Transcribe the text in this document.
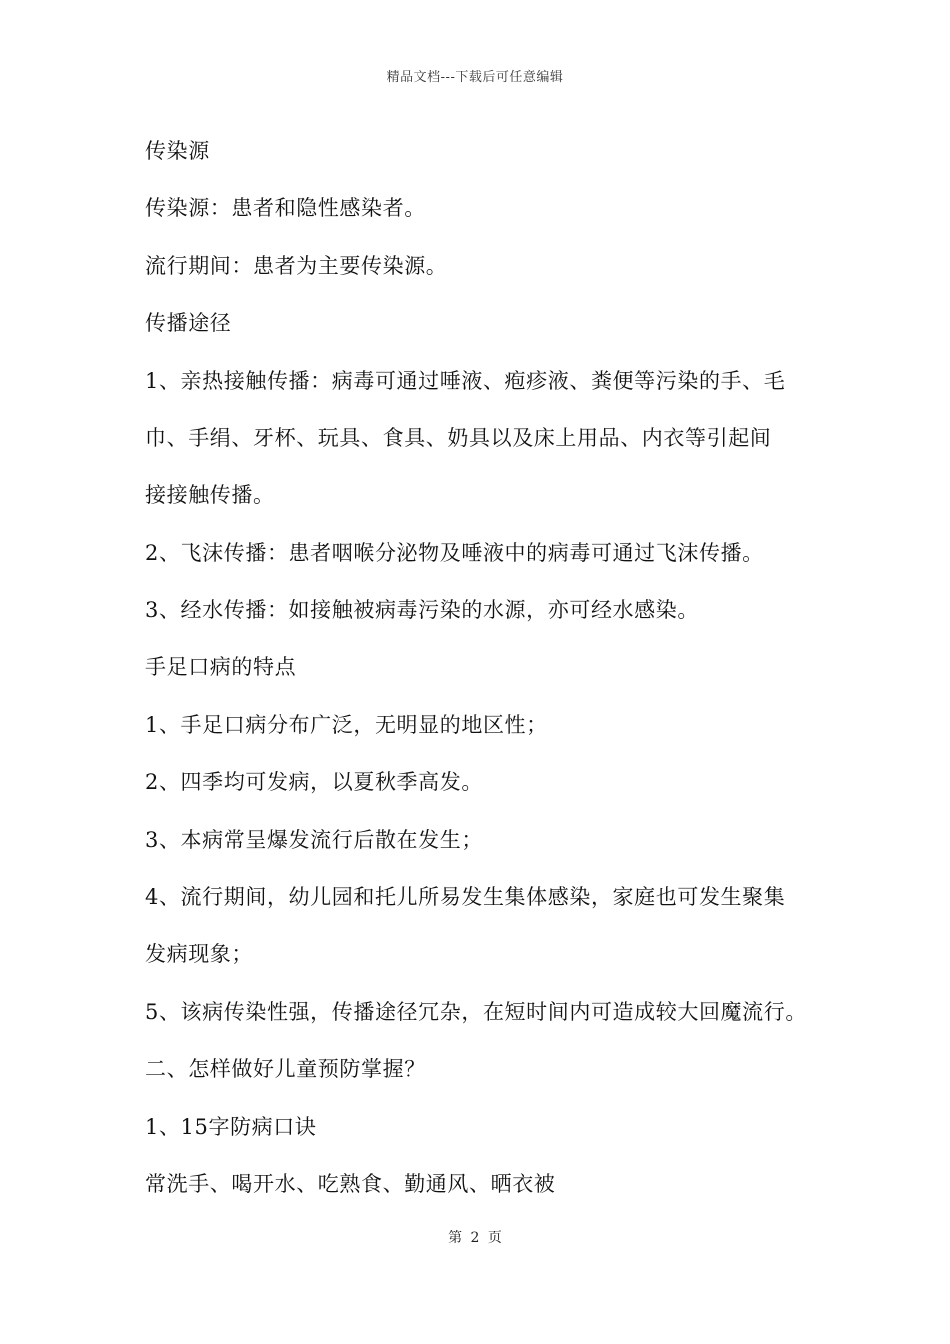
精品文档---下载后可任意编辑
传染源
传染源：患者和隐性感染者。
流行期间：患者为主要传染源。
传播途径
1、亲热接触传播：病毒可通过唾液、疱疹液、粪便等污染的手、毛
巾、手绢、牙杯、玩具、食具、奶具以及床上用品、内衣等引起间
接接触传播。
2、飞沫传播：患者咽喉分泌物及唾液中的病毒可通过飞沫传播。
3、经水传播：如接触被病毒污染的水源，亦可经水感染。
手足口病的特点
1、手足口病分布广泛，无明显的地区性；
2、四季均可发病，以夏秋季高发。
3、本病常呈爆发流行后散在发生；
4、流行期间，幼儿园和托儿所易发生集体感染，家庭也可发生聚集
发病现象；
5、该病传染性强，传播途径冗杂，在短时间内可造成较大回魔流行。
二、怎样做好儿童预防掌握？
1、15字防病口诀
常洗手、喝开水、吃熟食、勤通风、晒衣被
第 2 页
